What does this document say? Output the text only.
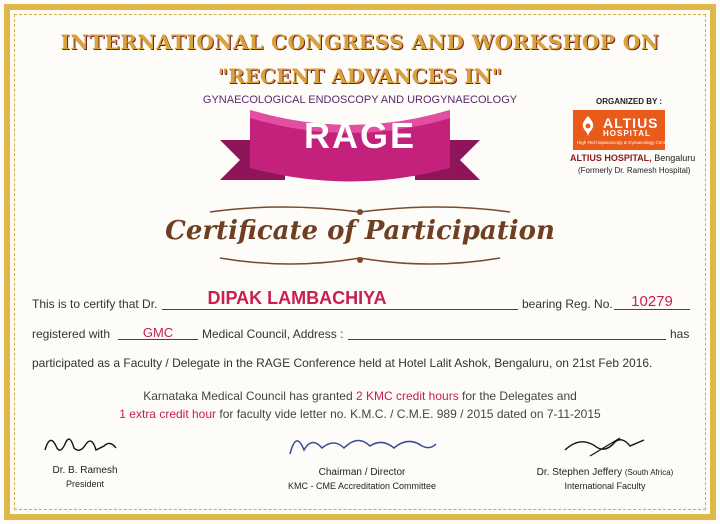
INTERNATIONAL CONGRESS AND WORKSHOP ON
"RECENT ADVANCES IN"
GYNAECOLOGICAL ENDOSCOPY AND UROGYNAECOLOGY	ORGANIZED BY :
ALTIUS
HOSPITAL
High Tech laparoscopy & Gynaecology Center
ALTIUS HOSPITAL, Bengaluru
(Formerly Dr. Ramesh Hospital)
RAGE
Certificate of Participation
This is to certify that Dr.	DIPAK LAMBACHIYA	bearing Reg. No.	10279
registered with	GMC	Medical Council, Address :	has
participated as a Faculty / Delegate in the RAGE Conference held at Hotel Lalit Ashok, Bengaluru, on 21st Feb 2016.
Karnataka Medical Council has granted 2 KMC credit hours for the Delegates and
1 extra credit hour for faculty vide letter no. K.M.C. / C.M.E. 989 / 2015 dated on 7-11-2015
Dr. B. Ramesh
President
Chairman / Director
KMC - CME Accreditation Committee
Dr. Stephen Jeffery (South Africa)
International Faculty
